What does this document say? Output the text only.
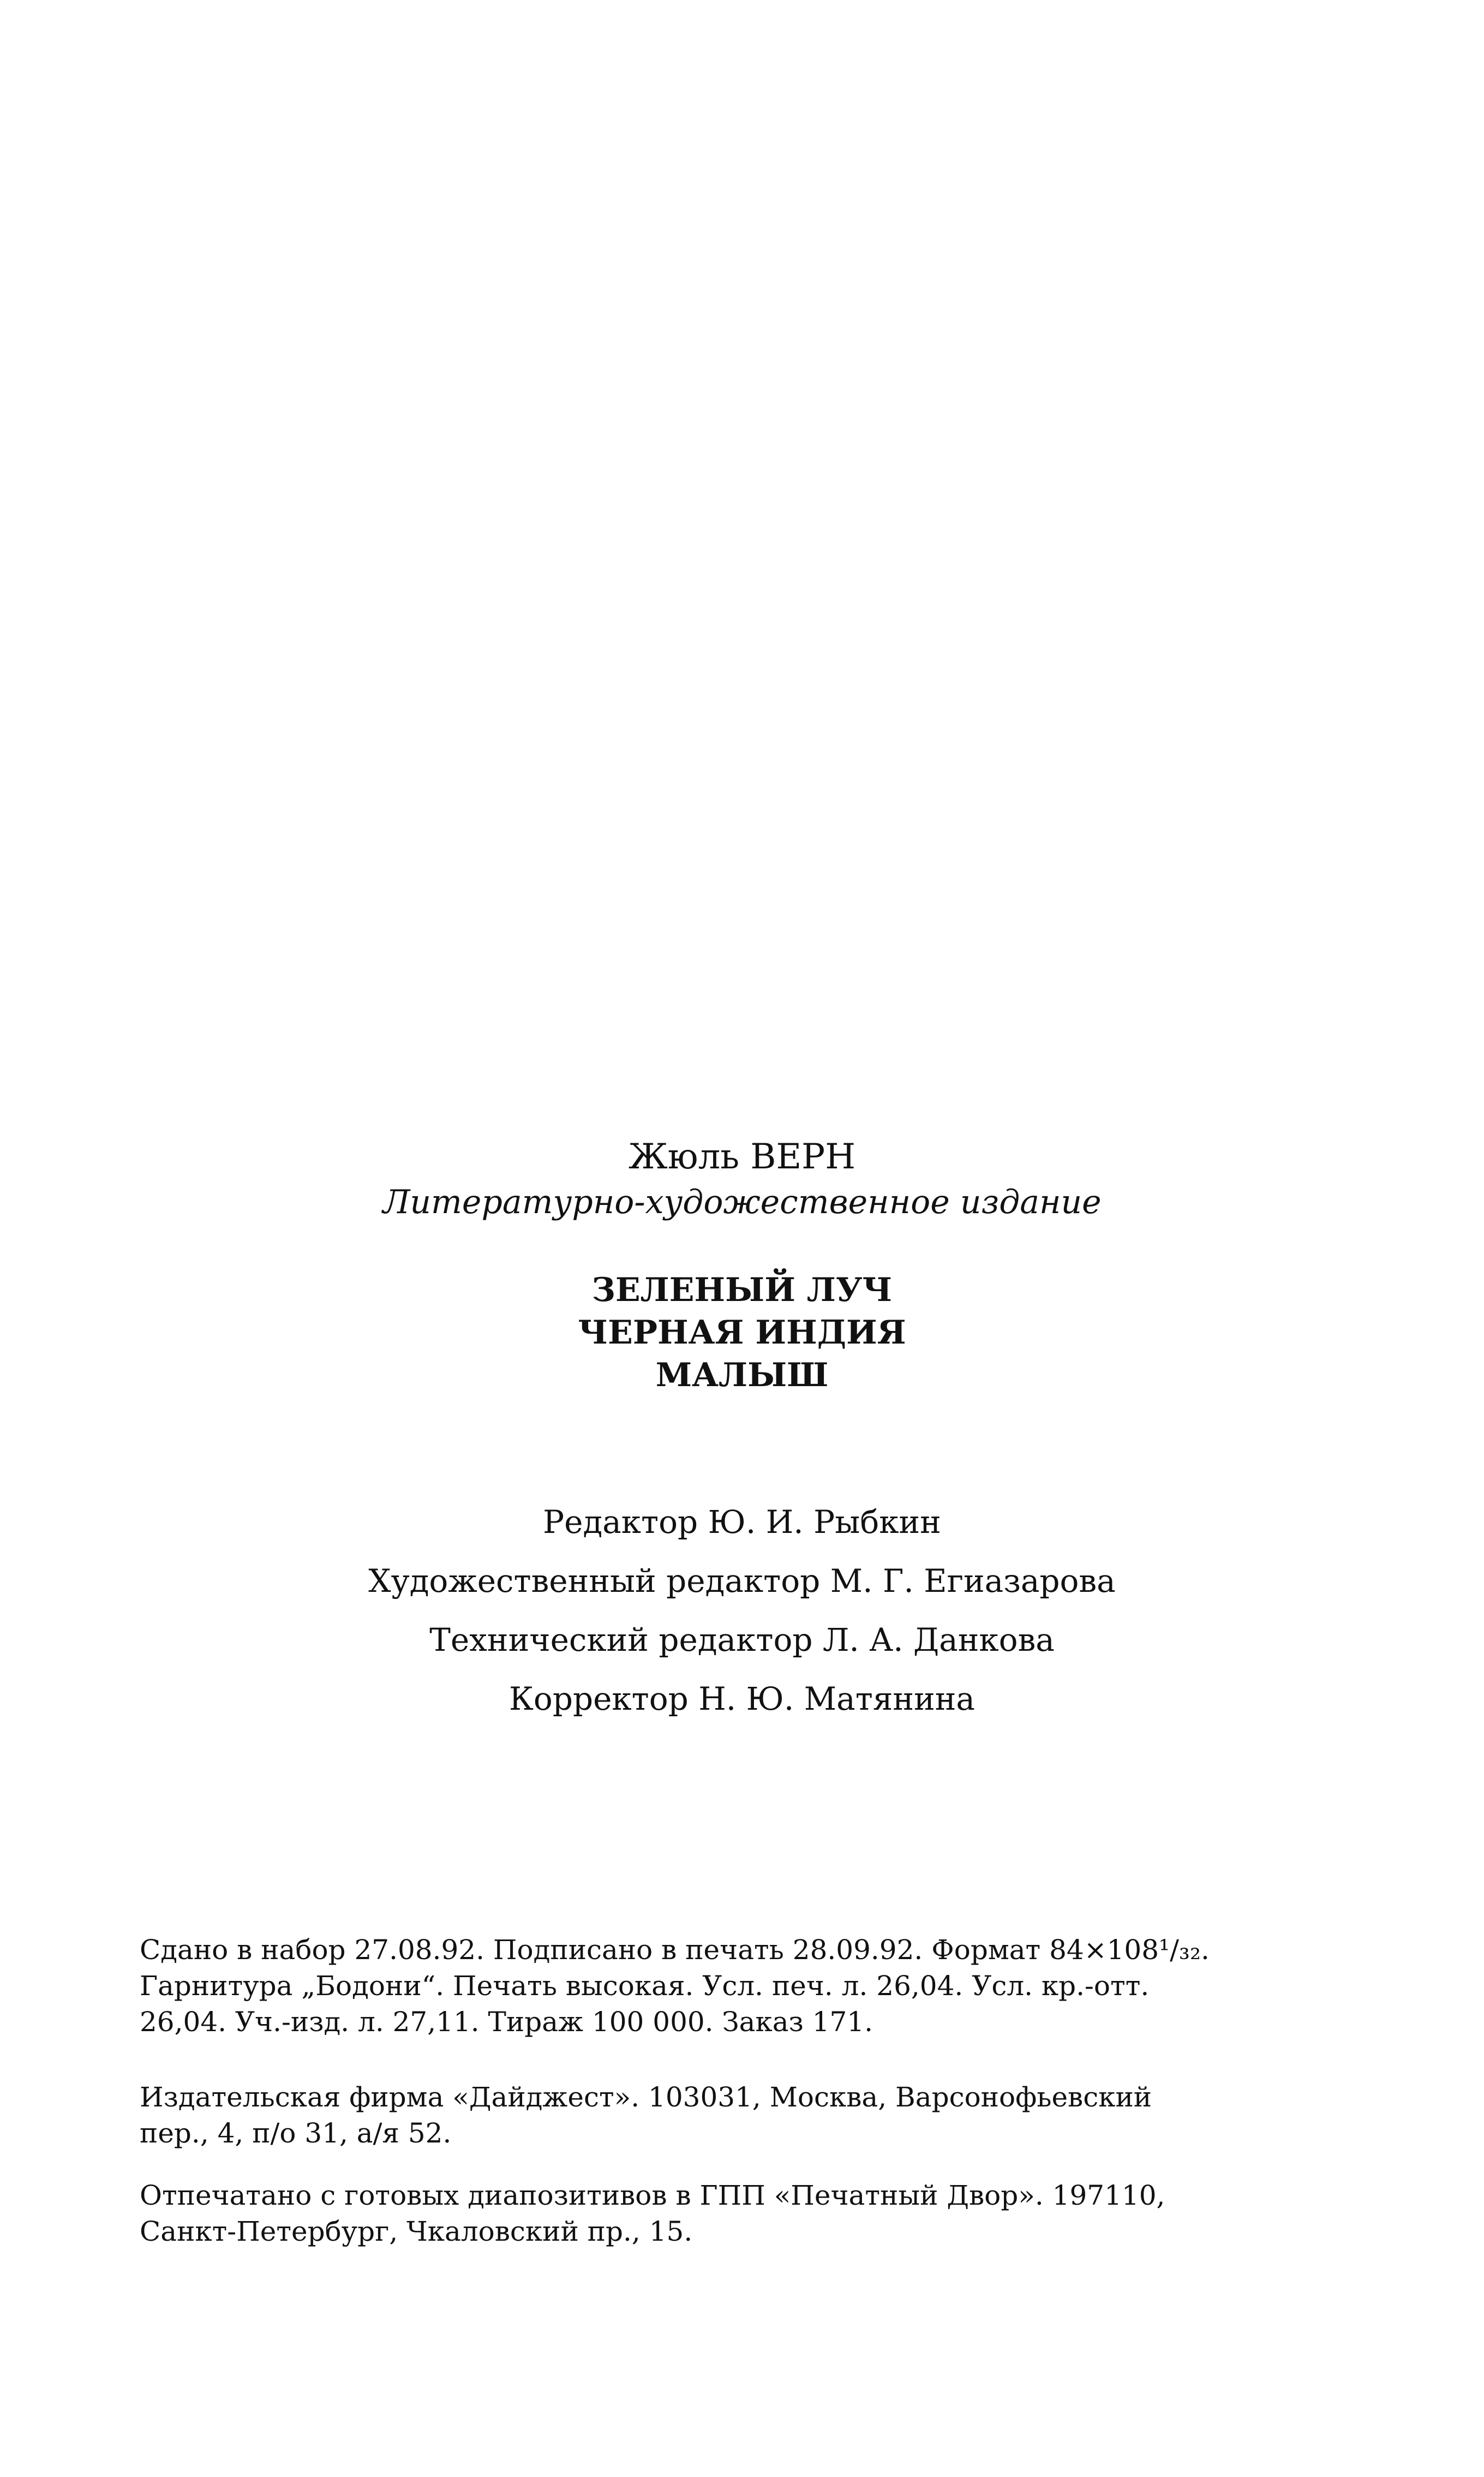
Жюль ВЕРН
Литературно-художественное издание
ЗЕЛЕНЫЙ ЛУЧ
ЧЕРНАЯ ИНДИЯ
МАЛЫШ
Редактор Ю. И. Рыбкин
Художественный редактор М. Г. Егиазарова
Технический редактор Л. А. Данкова
Корректор Н. Ю. Матянина
Сдано в набор 27.08.92. Подписано в печать 28.09.92. Формат 84×108¹/₃₂.
Гарнитура „Бодони“. Печать высокая. Усл. печ. л. 26,04. Усл. кр.-отт.
26,04. Уч.-изд. л. 27,11. Тираж 100 000. Заказ 171.
Издательская фирма «Дайджест». 103031, Москва, Варсонофьевский
пер., 4, п/о 31, а/я 52.
Отпечатано с готовых диапозитивов в ГПП «Печатный Двор». 197110,
Санкт-Петербург, Чкаловский пр., 15.
